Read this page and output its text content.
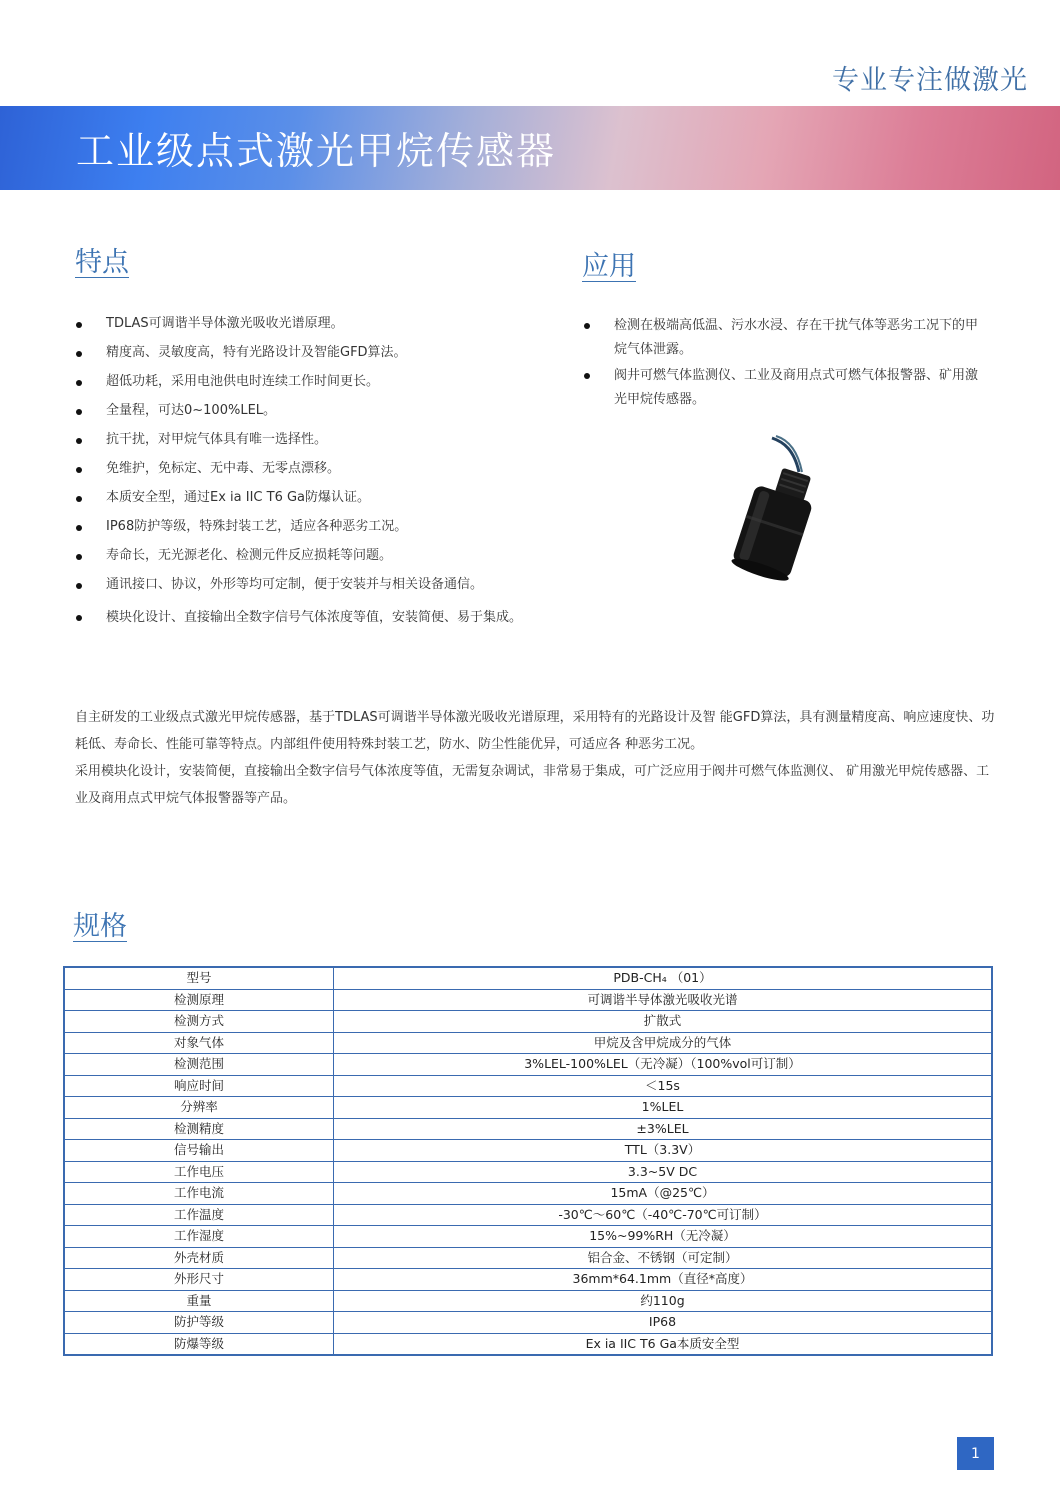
专业专注做激光
工业级点式激光甲烷传感器
特点
TDLAS可调谐半导体激光吸收光谱原理。
精度高、灵敏度高，特有光路设计及智能GFD算法。
超低功耗，采用电池供电时连续工作时间更长。
全量程，可达0~100%LEL。
抗干扰，对甲烷气体具有唯一选择性。
免维护，免标定、无中毒、无零点漂移。
本质安全型，通过Ex ia IIC T6 Ga防爆认证。
IP68防护等级，特殊封装工艺，适应各种恶劣工况。
寿命长，无光源老化、检测元件反应损耗等问题。
通讯接口、协议，外形等均可定制，便于安装并与相关设备通信。
模块化设计、直接输出全数字信号气体浓度等值，安装简便、易于集成。
应用
检测在极端高低温、污水水浸、存在干扰气体等恶劣工况下的甲烷气体泄露。
阀井可燃气体监测仪、工业及商用点式可燃气体报警器、矿用激光甲烷传感器。

自主研发的工业级点式激光甲烷传感器，基于TDLAS可调谐半导体激光吸收光谱原理，采用特有的光路设计及智 能GFD算法，具有测量精度高、响应速度快、功耗低、寿命长、性能可靠等特点。内部组件使用特殊封装工艺，防水、防尘性能优异，可适应各 种恶劣工况。

采用模块化设计，安装简便，直接输出全数字信号气体浓度等值，无需复杂调试，非常易于集成，可广泛应用于阀井可燃气体监测仪、 矿用激光甲烷传感器、工业及商用点式甲烷气体报警器等产品。

规格
型号	PDB-CH₄ （01）
检测原理	可调谐半导体激光吸收光谱
检测方式	扩散式
对象气体	甲烷及含甲烷成分的气体
检测范围	3%LEL-100%LEL（无冷凝）（100%vol可订制）
响应时间	＜15s
分辨率	1%LEL
检测精度	±3%LEL
信号输出	TTL（3.3V）
工作电压	3.3~5V DC
工作电流	15mA（@25℃）
工作温度	-30℃～60℃（-40℃-70℃可订制）
工作湿度	15%~99%RH（无冷凝）
外壳材质	铝合金、不锈钢（可定制）
外形尺寸	36mm*64.1mm（直径*高度）
重量	约110g
防护等级	IP68
防爆等级	Ex ia IIC T6 Ga本质安全型
1
